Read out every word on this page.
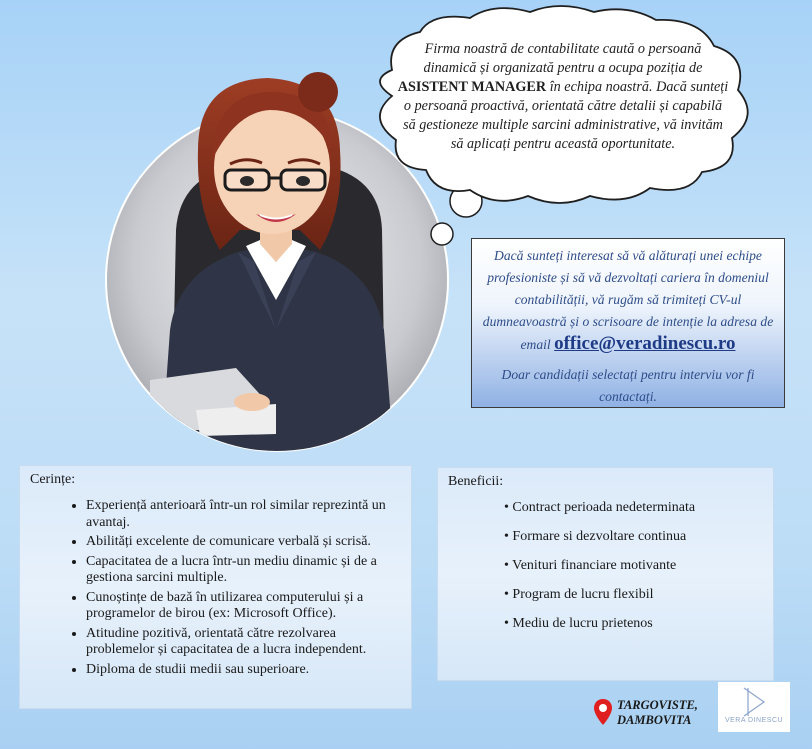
Firma noastră de contabilitate caută o persoană
dinamică și organizată pentru a ocupa poziția de
ASISTENT MANAGER în echipa noastră. Dacă sunteți
o persoană proactivă, orientată către detalii și capabilă
să gestioneze multiple sarcini administrative, vă invităm
să aplicați pentru această oportunitate.
Dacă sunteți interesat să vă alăturați unei echipe profesioniste și să vă dezvoltați cariera în domeniul contabilității, vă rugăm să trimiteți CV-ul dumneavoastră și o scrisoare de intenție la adresa de email office@veradinescu.ro
Doar candidații selectați pentru interviu vor fi contactați.
Cerințe:
• Experiență anterioară într-un rol similar reprezintă un avantaj.
• Abilități excelente de comunicare verbală și scrisă.
• Capacitatea de a lucra într-un mediu dinamic și de a gestiona sarcini multiple.
• Cunoștințe de bază în utilizarea computerului și a programelor de birou (ex: Microsoft Office).
• Atitudine pozitivă, orientată către rezolvarea problemelor și capacitatea de a lucra independent.
• Diploma de studii medii sau superioare.
Beneficii:
• Contract perioada nedeterminata
• Formare si dezvoltare continua
• Venituri financiare motivante
• Program de lucru flexibil
• Mediu de lucru prietenos
TARGOVISTE,
DAMBOVITA	VERA DINESCU
